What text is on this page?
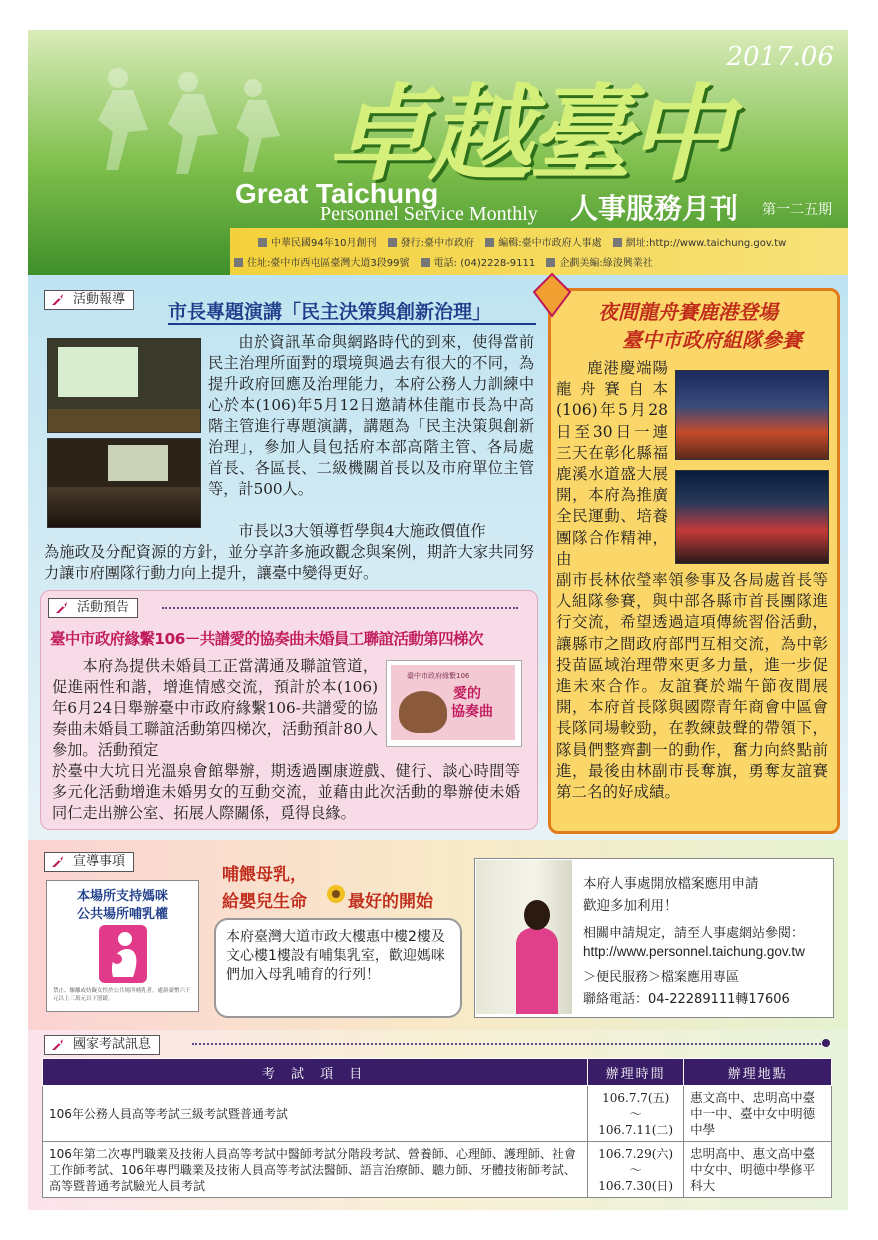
2017.06
卓越臺中
Great Taichung
Personnel Service Monthly 人事服務月刊 第一二五期
中華民國94年10月創刊 發行:臺中市政府 編輯:臺中市政府人事處 網址:http://www.taichung.gov.tw
住址:臺中市西屯區臺灣大道3段99號 電話: (04)2228-9111 企劃美編:綠浚興業社
活動報導
市長專題演講「民主決策與創新治理」
由於資訊革命與網路時代的到來，使得當前民主治理所面對的環境與過去有很大的不同，為提升政府回應及治理能力，本府公務人力訓練中心於本(106)年5月12日邀請林佳龍市長為中高階主管進行專題演講，講題為「民主決策與創新治理」，參加人員包括府本部高階主管、各局處首長、各區長、二級機關首長以及市府單位主管等，計500人。
市長以3大領導哲學與4大施政價值作
為施政及分配資源的方針，並分享許多施政觀念與案例，期許大家共同努力讓市府團隊行動力向上提升，讓臺中變得更好。
活動預告
臺中市政府緣繫106－共譜愛的協奏曲未婚員工聯誼活動第四梯次
臺中市政府緣繫106
愛的
協奏曲
本府為提供未婚員工正當溝通及聯誼管道，促進兩性和諧，增進情感交流，預計於本(106)年6月24日舉辦臺中市政府緣繫106-共譜愛的協奏曲未婚員工聯誼活動第四梯次，活動預計80人參加。活動預定
於臺中大坑日光溫泉會館舉辦，期透過團康遊戲、健行、談心時間等多元化活動增進未婚男女的互動交流，並藉由此次活動的舉辦使未婚同仁走出辦公室、拓展人際關係，覓得良緣。
夜間龍舟賽鹿港登場
臺中市政府組隊參賽
鹿港慶端陽龍舟賽自本(106)年5月28日至30日一連三天在彰化縣福鹿溪水道盛大展開，本府為推廣全民運動、培養團隊合作精神，由
副市長林依瑩率領參事及各局處首長等人組隊參賽，與中部各縣市首長團隊進行交流，希望透過這項傳統習俗活動，讓縣市之間政府部門互相交流，為中彰投苗區域治理帶來更多力量，進一步促進未來合作。友誼賽於端午節夜間展開，本府首長隊與國際青年商會中區會長隊同場較勁，在教練鼓聲的帶領下，隊員們整齊劃一的動作，奮力向終點前進，最後由林副市長奪旗，勇奪友誼賽第二名的好成績。
宣導事項
本場所支持媽咪
公共場所哺乳權
禁止、驅離或妨礙女性於公共場所哺乳者，處新臺幣六千元以上三萬元以下罰鍰。
哺餵母乳，
給嬰兒生命 最好的開始
本府臺灣大道市政大樓惠中樓2樓及文心樓1樓設有哺集乳室，歡迎媽咪們加入母乳哺育的行列！
本府人事處開放檔案應用申請
歡迎多加利用！
相關申請規定，請至人事處網站參閱：
http://www.personnel.taichung.gov.tw
＞便民服務＞檔案應用專區
聯絡電話：04-22289111轉17606
國家考試訊息
考 試 項 目	辦理時間	辦理地點
106年公務人員高等考試三級考試暨普通考試	106.7.7(五)
～
106.7.11(二)	惠文高中、忠明高中臺中一中、臺中女中明德中學
106年第二次專門職業及技術人員高等考試中醫師考試分階段考試、營養師、心理師、護理師、社會工作師考試、106年專門職業及技術人員高等考試法醫師、語言治療師、聽力師、牙體技術師考試、高等暨普通考試驗光人員考試	106.7.29(六)
～
106.7.30(日)	忠明高中、惠文高中臺中女中、明德中學修平科大
